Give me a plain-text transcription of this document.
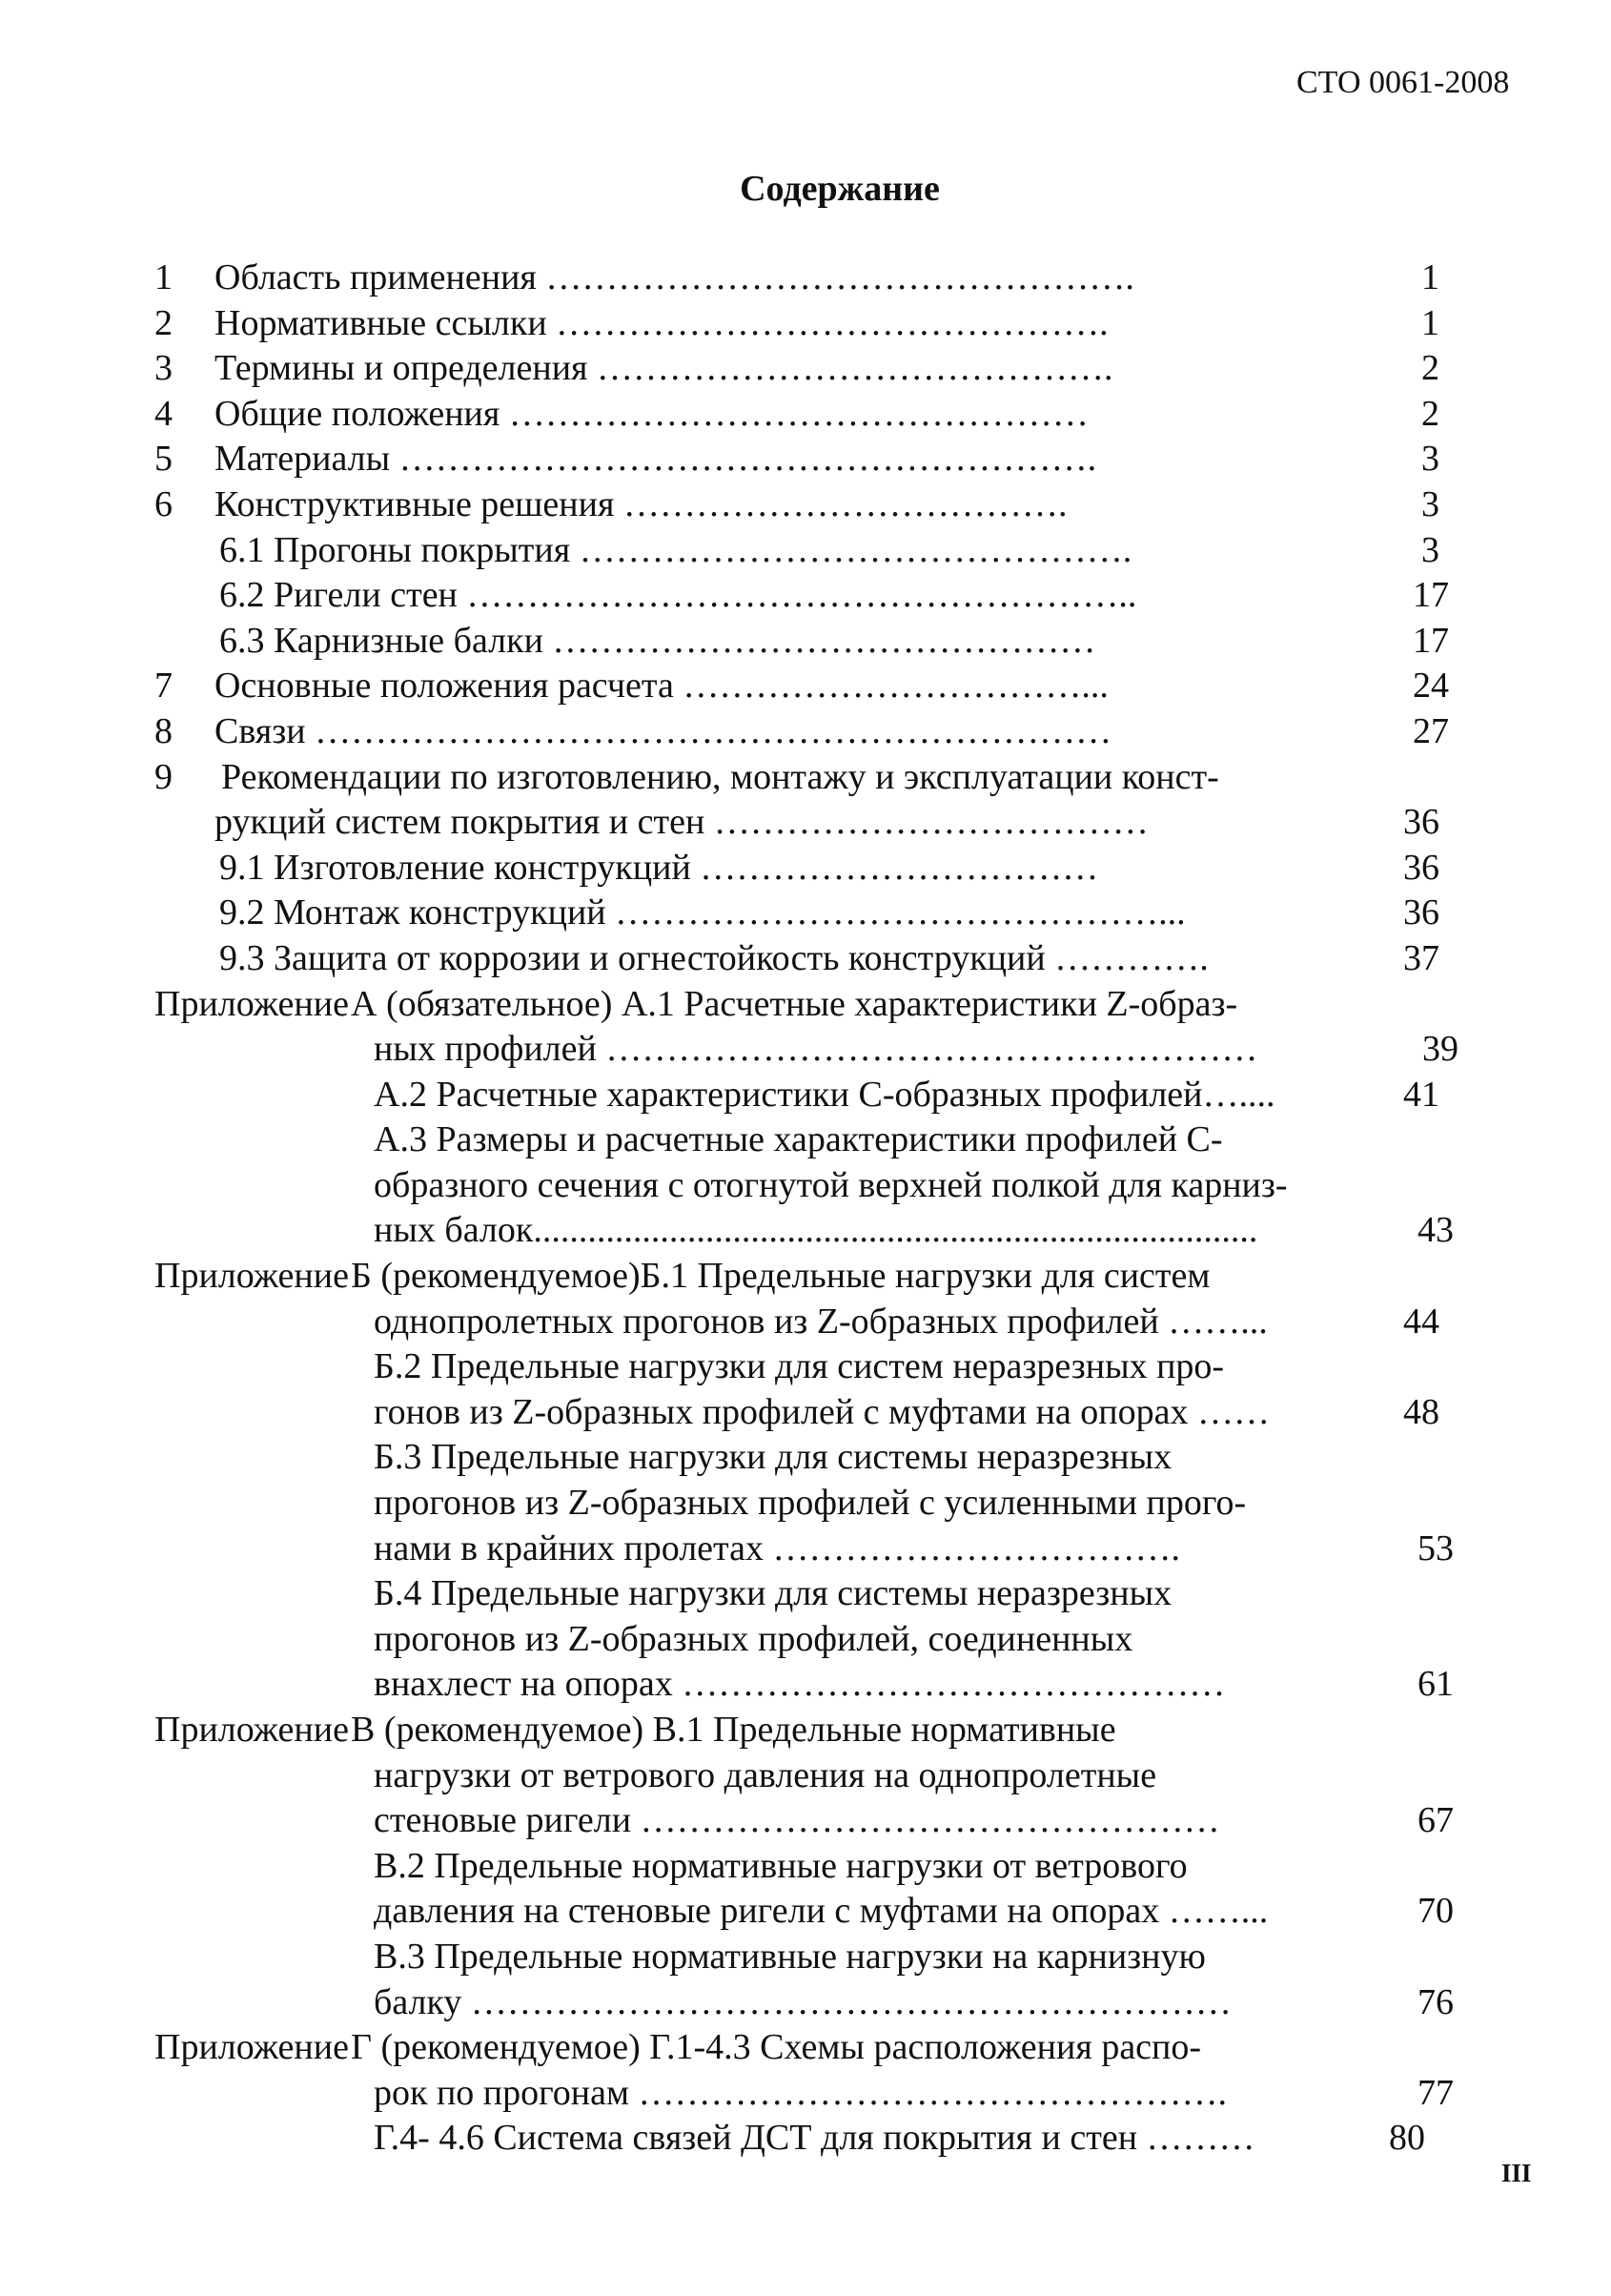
СТО 0061-2008
Содержание
1 Область применения ………………………………………….	1
2 Нормативные ссылки ……………………………………….	1
3 Термины и определения …………………………………….	2
4 Общие положения …………………………………………	2
5 Материалы ………………………………………………….	3
6 Конструктивные решения ……………………………….	3
6.1 Прогоны покрытия ……………………………………….	3
6.2 Ригели стен ………………………………………………..	17
6.3 Карнизные балки ………………………………………	17
7 Основные положения расчета ……………………………...	24
8 Связи …………………………………………………………	27
9 Рекомендации по изготовлению, монтажу и эксплуатации конст-
рукций систем покрытия и стен ………………………………	36
9.1 Изготовление конструкций ……………………………	36
9.2 Монтаж конструкций ………………………………………...	36
9.3 Защита от коррозии и огнестойкость конструкций ………….	37
Приложение А (обязательное) А.1 Расчетные характеристики Z-образ-
ных профилей ………………………………………………	39
А.2 Расчетные характеристики С-образных профилей…....	41
А.3 Размеры и расчетные характеристики профилей С-
образного сечения с отогнутой верхней полкой для карниз-
ных балок................................................................................	43
Приложение Б (рекомендуемое)Б.1 Предельные нагрузки для систем
однопролетных прогонов из Z-образных профилей ……...	44
Б.2 Предельные нагрузки для систем неразрезных про-
гонов из Z-образных профилей с муфтами на опорах ……	48
Б.3 Предельные нагрузки для системы неразрезных
прогонов из Z-образных профилей с усиленными прого-
нами в крайних пролетах …………………………….	53
Б.4 Предельные нагрузки для системы неразрезных
прогонов из Z-образных профилей, соединенных
внахлест на опорах ………………………………………	61
Приложение В (рекомендуемое) В.1 Предельные нормативные
нагрузки от ветрового давления на однопролетные
стеновые ригели …………………………………………	67
В.2 Предельные нормативные нагрузки от ветрового
давления на стеновые ригели с муфтами на опорах ……...	70
В.3 Предельные нормативные нагрузки на карнизную
балку ………………………………………………………	76
Приложение Г (рекомендуемое) Г.1-4.3 Схемы расположения распо-
рок по прогонам ………………………………………….	77
Г.4- 4.6 Система связей ДСТ для покрытия и стен ………	80
III
